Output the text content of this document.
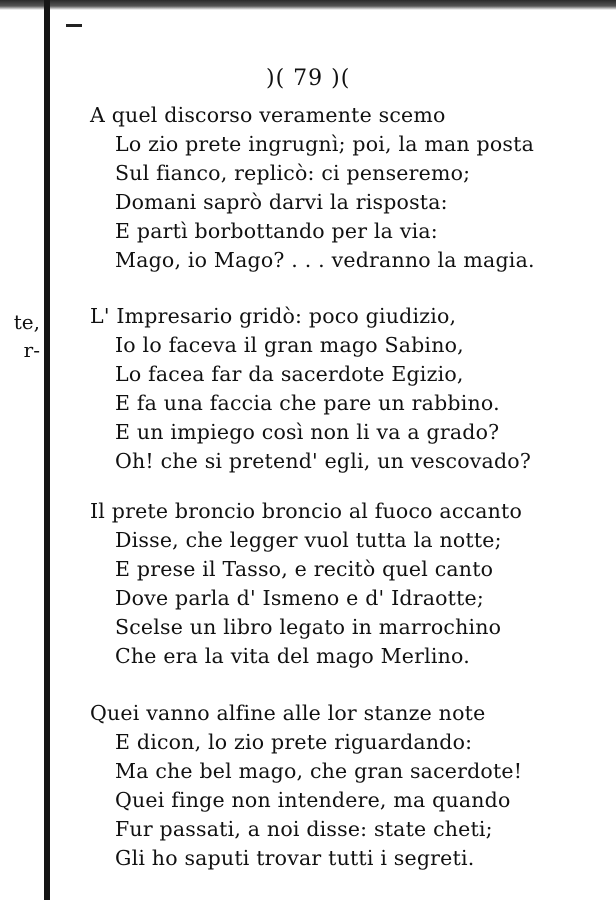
te,
r-
)( 79 )(
A quel discorso veramente scemo
Lo zio prete ingrugnì; poi, la man posta
Sul fianco, replicò: ci penseremo;
Domani saprò darvi la risposta:
E partì borbottando per la via:
Mago, io Mago? . . . vedranno la magia.
L' Impresario gridò: poco giudizio,
Io lo faceva il gran mago Sabino,
Lo facea far da sacerdote Egizio,
E fa una faccia che pare un rabbino.
E un impiego così non li va a grado?
Oh! che si pretend' egli, un vescovado?
Il prete broncio broncio al fuoco accanto
Disse, che legger vuol tutta la notte;
E prese il Tasso, e recitò quel canto
Dove parla d' Ismeno e d' Idraotte;
Scelse un libro legato in marrochino
Che era la vita del mago Merlino.
Quei vanno alfine alle lor stanze note
E dicon, lo zio prete riguardando:
Ma che bel mago, che gran sacerdote!
Quei finge non intendere, ma quando
Fur passati, a noi disse: state cheti;
Gli ho saputi trovar tutti i segreti.
